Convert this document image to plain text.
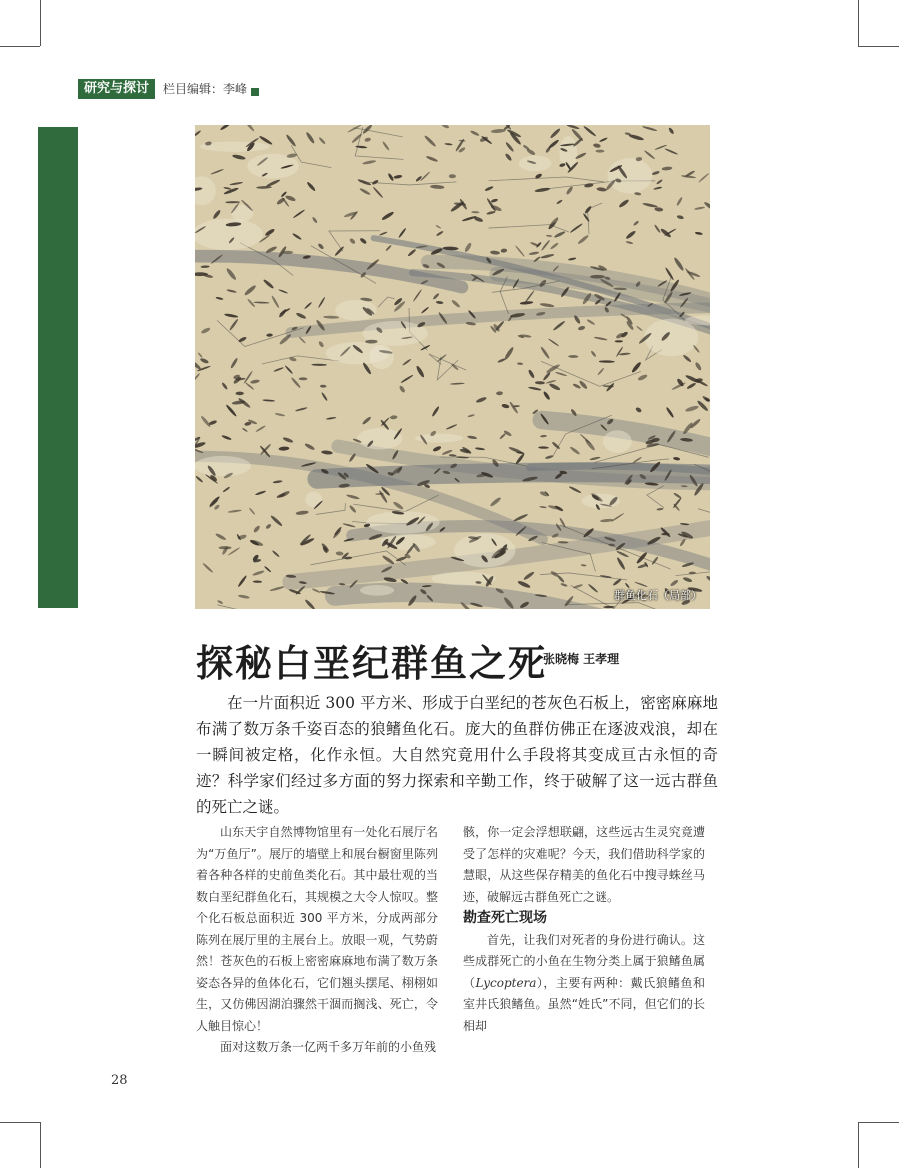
研究与探讨	栏目编辑：李峰
群鱼化石（局部）
探秘白垩纪群鱼之死
张晓梅 王孝理

在一片面积近 300 平方米、形成于白垩纪的苍灰色石板上，密密麻麻地布满了数万条千姿百态的狼鳍鱼化石。庞大的鱼群仿佛正在逐波戏浪，却在一瞬间被定格，化作永恒。大自然究竟用什么手段将其变成亘古永恒的奇迹？科学家们经过多方面的努力探索和辛勤工作，终于破解了这一远古群鱼的死亡之谜。

山东天宇自然博物馆里有一处化石展厅名为“万鱼厅”。展厅的墙壁上和展台橱窗里陈列着各种各样的史前鱼类化石。其中最壮观的当数白垩纪群鱼化石，其规模之大令人惊叹。整个化石板总面积近 300 平方米，分成两部分陈列在展厅里的主展台上。放眼一观，气势蔚然！苍灰色的石板上密密麻麻地布满了数万条姿态各异的鱼体化石，它们翘头摆尾、栩栩如生，又仿佛因湖泊骤然干涸而搁浅、死亡，令人触目惊心！

面对这数万条一亿两千多万年前的小鱼残

骸，你一定会浮想联翩，这些远古生灵究竟遭受了怎样的灾难呢？今天，我们借助科学家的慧眼，从这些保存精美的鱼化石中搜寻蛛丝马迹，破解远古群鱼死亡之谜。

勘查死亡现场

首先，让我们对死者的身份进行确认。这些成群死亡的小鱼在生物分类上属于狼鳍鱼属（Lycoptera），主要有两种：戴氏狼鳍鱼和室井氏狼鳍鱼。虽然“姓氏”不同，但它们的长相却

28
